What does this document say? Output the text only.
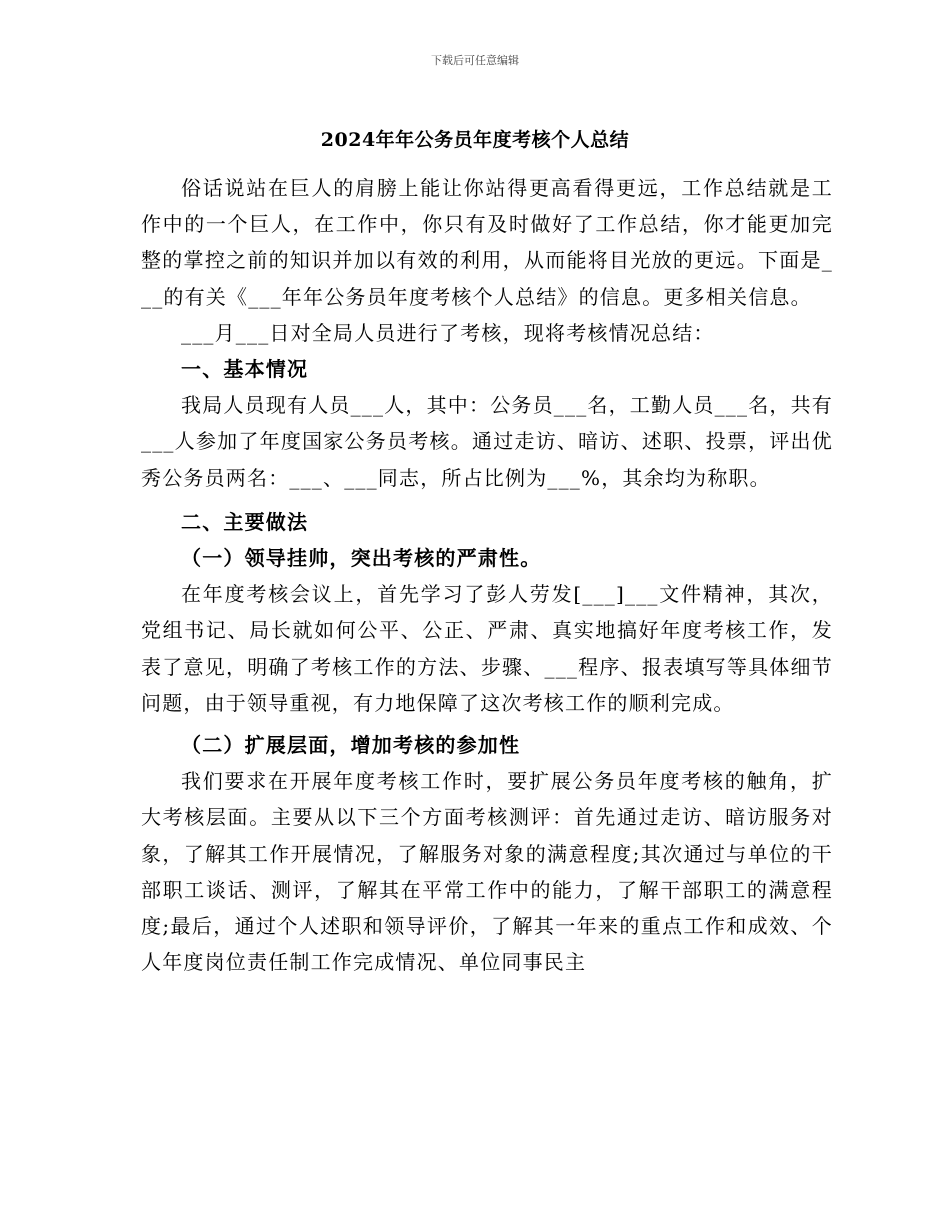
下载后可任意编辑
2024年年公务员年度考核个人总结

俗话说站在巨人的肩膀上能让你站得更高看得更远，工作总结就是工作中的一个巨人，在工作中，你只有及时做好了工作总结，你才能更加完整的掌控之前的知识并加以有效的利用，从而能将目光放的更远。下面是___的有关《___年年公务员年度考核个人总结》的信息。更多相关信息。

___月___日对全局人员进行了考核，现将考核情况总结：

一、基本情况

我局人员现有人员___人，其中：公务员___名，工勤人员___名，共有___人参加了年度国家公务员考核。通过走访、暗访、述职、投票，评出优秀公务员两名：___、___同志，所占比例为___%，其余均为称职。

二、主要做法

（一）领导挂帅，突出考核的严肃性。

在年度考核会议上，首先学习了彭人劳发[___]___文件精神，其次，党组书记、局长就如何公平、公正、严肃、真实地搞好年度考核工作，发表了意见，明确了考核工作的方法、步骤、___程序、报表填写等具体细节问题，由于领导重视，有力地保障了这次考核工作的顺利完成。

（二）扩展层面，增加考核的参加性

我们要求在开展年度考核工作时，要扩展公务员年度考核的触角，扩大考核层面。主要从以下三个方面考核测评：首先通过走访、暗访服务对象，了解其工作开展情况，了解服务对象的满意程度;其次通过与单位的干部职工谈话、测评，了解其在平常工作中的能力，了解干部职工的满意程度;最后，通过个人述职和领导评价，了解其一年来的重点工作和成效、个人年度岗位责任制工作完成情况、单位同事民主
